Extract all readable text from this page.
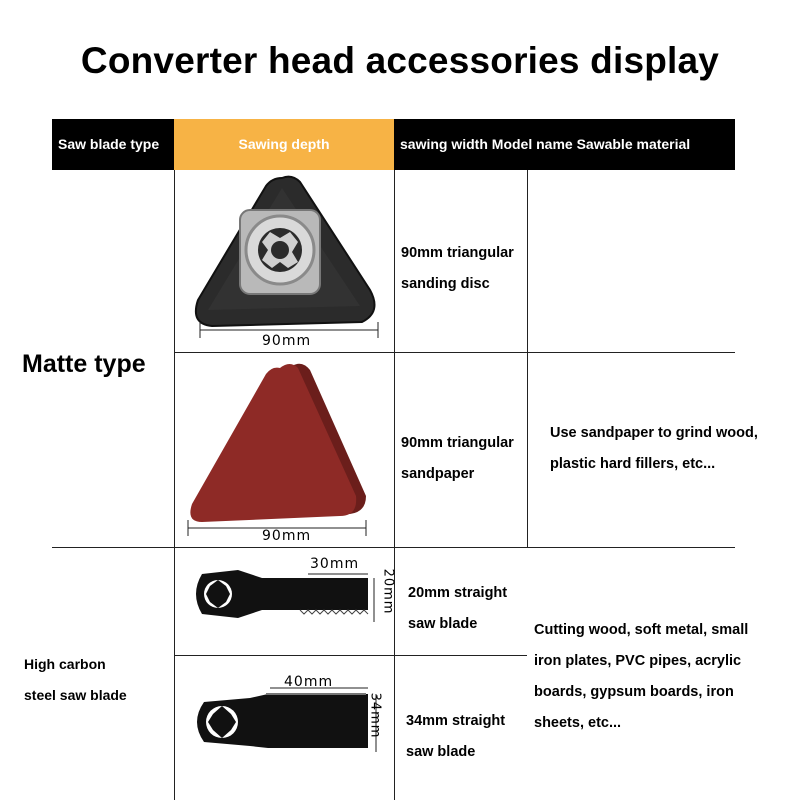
Converter head accessories display
Saw blade type	Sawing depth	sawing width Model name Sawable material
Matte type
High carbon
steel saw blade
90mm
90mm
30mm
20mm
40mm
34mm
90mm triangular
sanding disc
90mm triangular
sandpaper
20mm straight
saw blade
34mm straight
saw blade
Use sandpaper to grind wood,
plastic hard fillers, etc...
Cutting wood, soft metal, small
iron plates, PVC pipes, acrylic
boards, gypsum boards, iron
sheets, etc...
